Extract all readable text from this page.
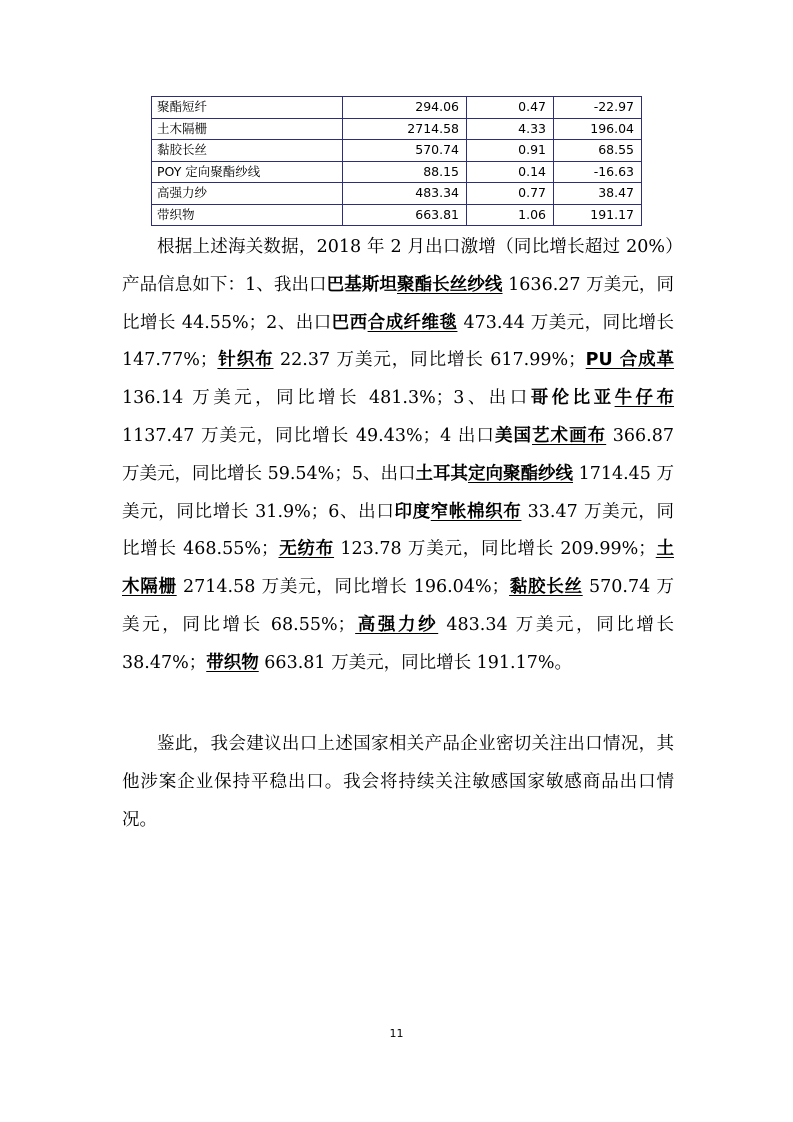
聚酯短纤	294.06	0.47	-22.97
土木隔栅	2714.58	4.33	196.04
黏胶长丝	570.74	0.91	68.55
POY 定向聚酯纱线	88.15	0.14	-16.63
高强力纱	483.34	0.77	38.47
带织物	663.81	1.06	191.17

根据上述海关数据，2018 年 2 月出口激增（同比增长超过 20%）产品信息如下：1、我出口巴基斯坦聚酯长丝纱线 1636.27 万美元，同比增长 44.55%；2、出口巴西合成纤维毯 473.44 万美元，同比增长 147.77%；针织布 22.37 万美元，同比增长 617.99%；PU 合成革 136.14 万美元，同比增长 481.3%；3、出口哥伦比亚牛仔布 1137.47 万美元，同比增长 49.43%；4 出口美国艺术画布 366.87 万美元，同比增长 59.54%；5、出口土耳其定向聚酯纱线 1714.45 万美元，同比增长 31.9%；6、出口印度窄帐棉织布 33.47 万美元，同比增长 468.55%；无纺布 123.78 万美元，同比增长 209.99%；土木隔栅 2714.58 万美元，同比增长 196.04%；黏胶长丝 570.74 万美元，同比增长 68.55%；高强力纱 483.34 万美元，同比增长 38.47%；带织物 663.81 万美元，同比增长 191.17%。

鉴此，我会建议出口上述国家相关产品企业密切关注出口情况，其他涉案企业保持平稳出口。我会将持续关注敏感国家敏感商品出口情况。

11
